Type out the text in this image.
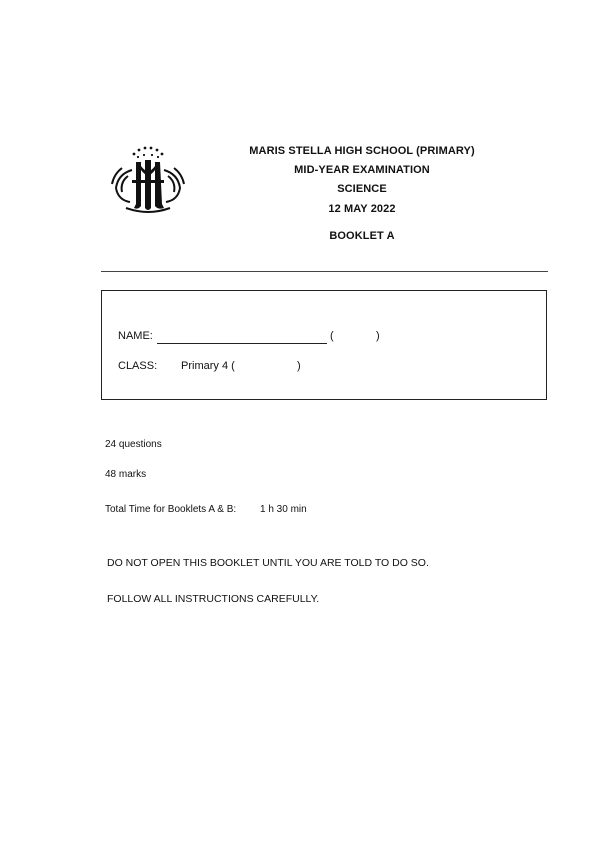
MARIS STELLA HIGH SCHOOL (PRIMARY)
MID-YEAR EXAMINATION
SCIENCE
12 MAY 2022
BOOKLET A
NAME:	(	)
CLASS: Primary 4 (	)
24 questions
48 marks
Total Time for Booklets A & B: 1 h 30 min
DO NOT OPEN THIS BOOKLET UNTIL YOU ARE TOLD TO DO SO.
FOLLOW ALL INSTRUCTIONS CAREFULLY.
